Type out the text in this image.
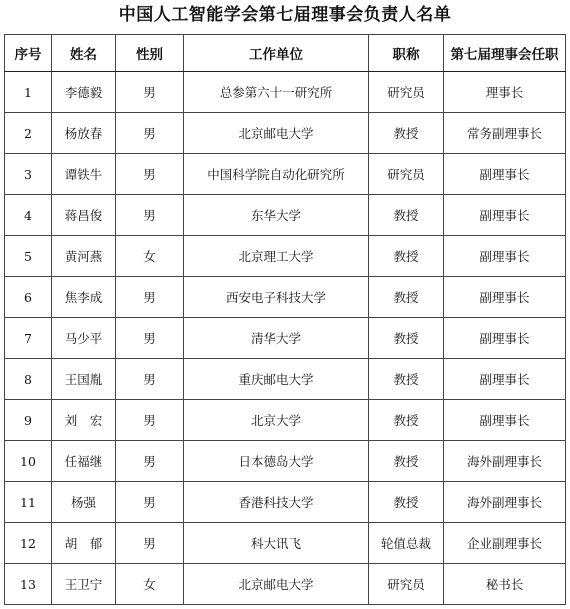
中国人工智能学会第七届理事会负责人名单
序号	姓名	性别	工作单位	职称	第七届理事会任职
1	李德毅	男	总参第六十一研究所	研究员	理事长
2	杨放春	男	北京邮电大学	教授	常务副理事长
3	谭铁牛	男	中国科学院自动化研究所	研究员	副理事长
4	蒋昌俊	男	东华大学	教授	副理事长
5	黄河燕	女	北京理工大学	教授	副理事长
6	焦李成	男	西安电子科技大学	教授	副理事长
7	马少平	男	清华大学	教授	副理事长
8	王国胤	男	重庆邮电大学	教授	副理事长
9	刘　宏	男	北京大学	教授	副理事长
10	任福继	男	日本德岛大学	教授	海外副理事长
11	杨强	男	香港科技大学	教授	海外副理事长
12	胡　郁	男	科大讯飞	轮值总裁	企业副理事长
13	王卫宁	女	北京邮电大学	研究员	秘书长
